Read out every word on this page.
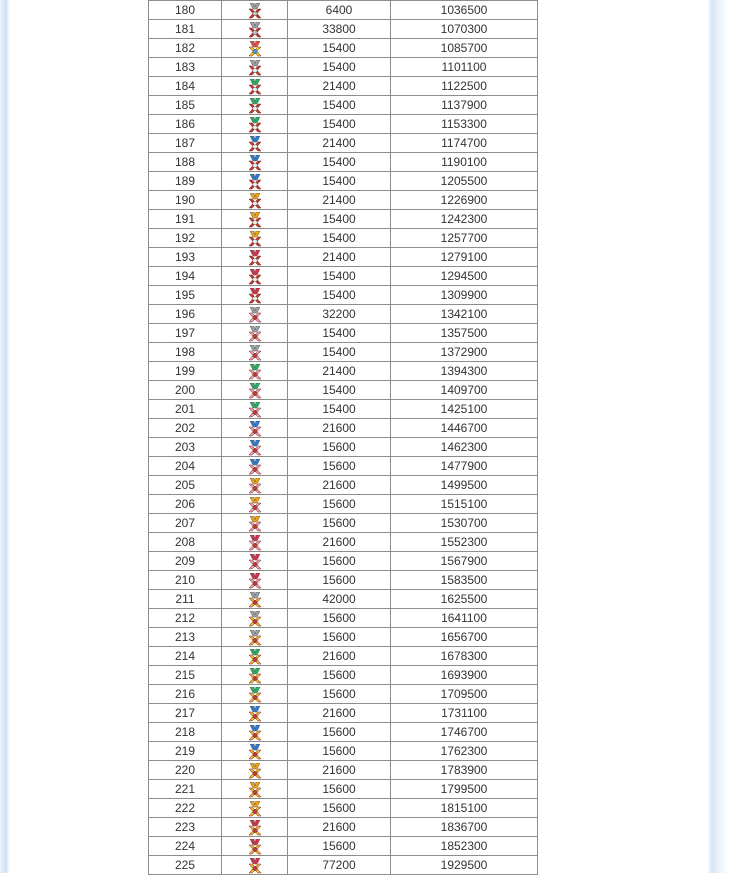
180		6400	1036500
181		33800	1070300
182		15400	1085700
183		15400	1101100
184		21400	1122500
185		15400	1137900
186		15400	1153300
187		21400	1174700
188		15400	1190100
189		15400	1205500
190		21400	1226900
191		15400	1242300
192		15400	1257700
193		21400	1279100
194		15400	1294500
195		15400	1309900
196		32200	1342100
197		15400	1357500
198		15400	1372900
199		21400	1394300
200		15400	1409700
201		15400	1425100
202		21600	1446700
203		15600	1462300
204		15600	1477900
205		21600	1499500
206		15600	1515100
207		15600	1530700
208		21600	1552300
209		15600	1567900
210		15600	1583500
211		42000	1625500
212		15600	1641100
213		15600	1656700
214		21600	1678300
215		15600	1693900
216		15600	1709500
217		21600	1731100
218		15600	1746700
219		15600	1762300
220		21600	1783900
221		15600	1799500
222		15600	1815100
223		21600	1836700
224		15600	1852300
225		77200	1929500
